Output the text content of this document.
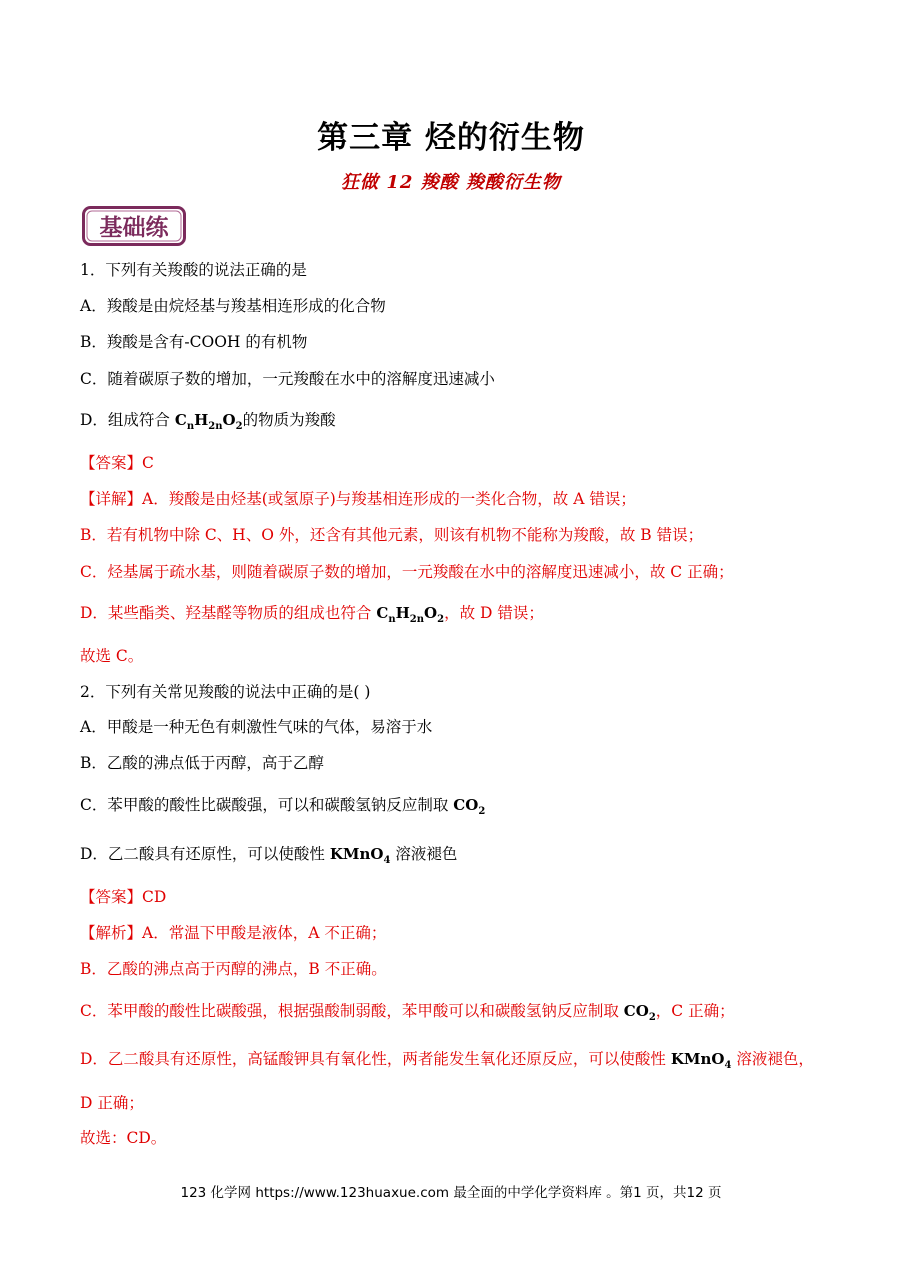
第三章 烃的衍生物
狂做 12 羧酸 羧酸衍生物
基础练
1．下列有关羧酸的说法正确的是
A．羧酸是由烷烃基与羧基相连形成的化合物
B．羧酸是含有-COOH 的有机物
C．随着碳原子数的增加，一元羧酸在水中的溶解度迅速减小
D．组成符合 $C_nH_{2n}O_2$的物质为羧酸
【答案】C
【详解】A．羧酸是由烃基(或氢原子)与羧基相连形成的一类化合物，故 A 错误；
B．若有机物中除 C、H、O 外，还含有其他元素，则该有机物不能称为羧酸，故 B 错误；
C．烃基属于疏水基，则随着碳原子数的增加，一元羧酸在水中的溶解度迅速减小，故 C 正确；
D．某些酯类、羟基醛等物质的组成也符合 $C_nH_{2n}O_2$，故 D 错误；
故选 C。
2．下列有关常见羧酸的说法中正确的是( )
A．甲酸是一种无色有刺激性气味的气体，易溶于水
B．乙酸的沸点低于丙醇，高于乙醇
C．苯甲酸的酸性比碳酸强，可以和碳酸氢钠反应制取 $CO_2$
D．乙二酸具有还原性，可以使酸性 KMnO$_4$ 溶液褪色
【答案】CD
【解析】A．常温下甲酸是液体，A 不正确；
B．乙酸的沸点高于丙醇的沸点，B 不正确。
C．苯甲酸的酸性比碳酸强，根据强酸制弱酸，苯甲酸可以和碳酸氢钠反应制取 $CO_2$，C 正确；
D．乙二酸具有还原性，高锰酸钾具有氧化性，两者能发生氧化还原反应，可以使酸性 KMnO$_4$ 溶液褪色，
D 正确；
故选：CD。
123 化学网 https://www.123huaxue.com 最全面的中学化学资料库 。第1 页，共12 页
